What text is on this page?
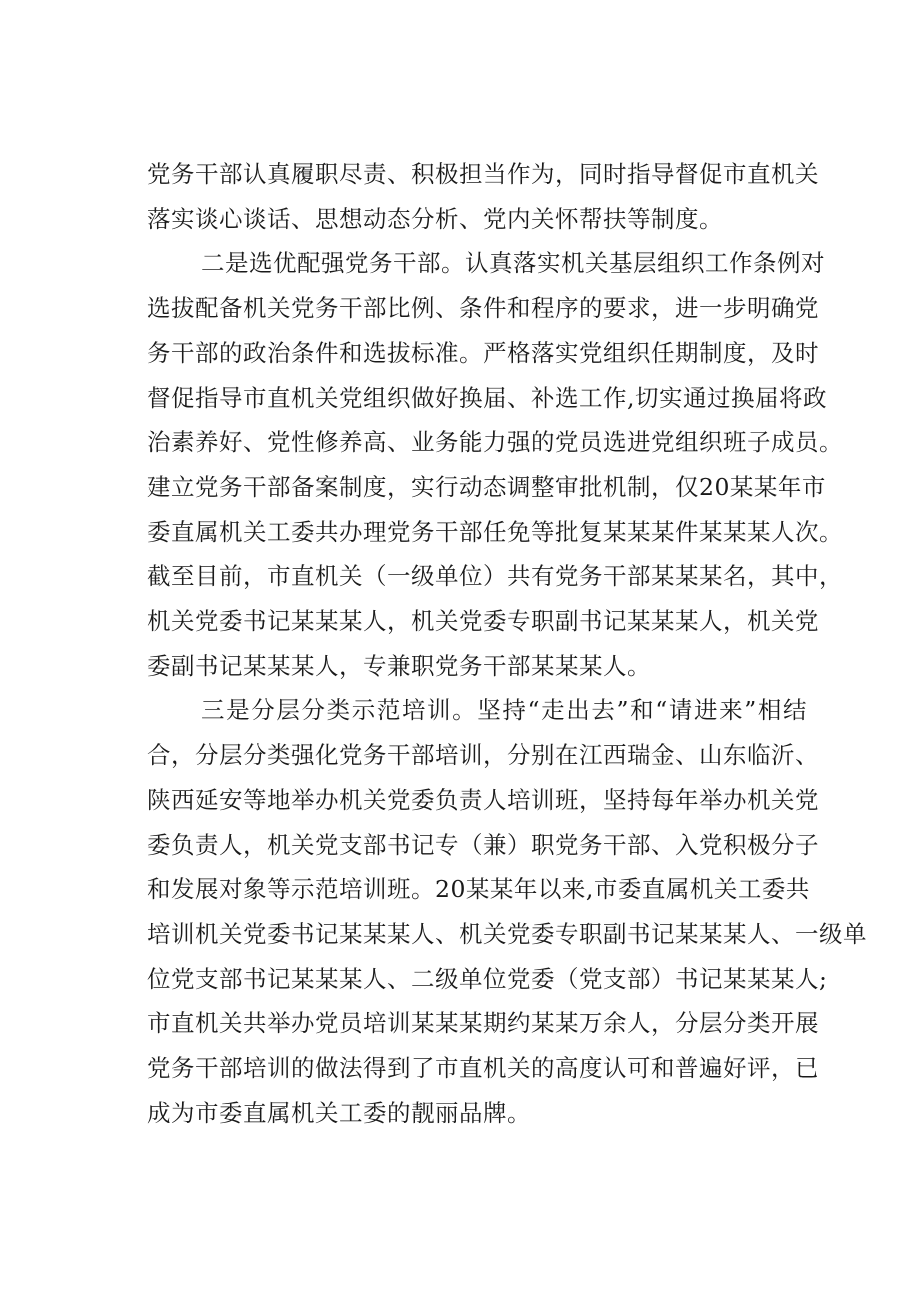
党务干部认真履职尽责、积极担当作为，同时指导督促市直机关
落实谈心谈话、思想动态分析、党内关怀帮扶等制度。
二是选优配强党务干部。认真落实机关基层组织工作条例对
选拔配备机关党务干部比例、条件和程序的要求，进一步明确党
务干部的政治条件和选拔标准。严格落实党组织任期制度，及时
督促指导市直机关党组织做好换届、补选工作,切实通过换届将政
治素养好、党性修养高、业务能力强的党员选进党组织班子成员。
建立党务干部备案制度，实行动态调整审批机制，仅20某某年市
委直属机关工委共办理党务干部任免等批复某某某件某某某人次。
截至目前，市直机关（一级单位）共有党务干部某某某名，其中，
机关党委书记某某某人，机关党委专职副书记某某某人，机关党
委副书记某某某人，专兼职党务干部某某某人。
三是分层分类示范培训。坚持“走出去”和“请进来”相结
合，分层分类强化党务干部培训，分别在江西瑞金、山东临沂、
陕西延安等地举办机关党委负责人培训班，坚持每年举办机关党
委负责人，机关党支部书记专（兼）职党务干部、入党积极分子
和发展对象等示范培训班。20某某年以来,市委直属机关工委共
培训机关党委书记某某某人、机关党委专职副书记某某某人、一级单
位党支部书记某某某人、二级单位党委（党支部）书记某某某人;
市直机关共举办党员培训某某某期约某某万余人，分层分类开展
党务干部培训的做法得到了市直机关的高度认可和普遍好评，已
成为市委直属机关工委的靓丽品牌。
